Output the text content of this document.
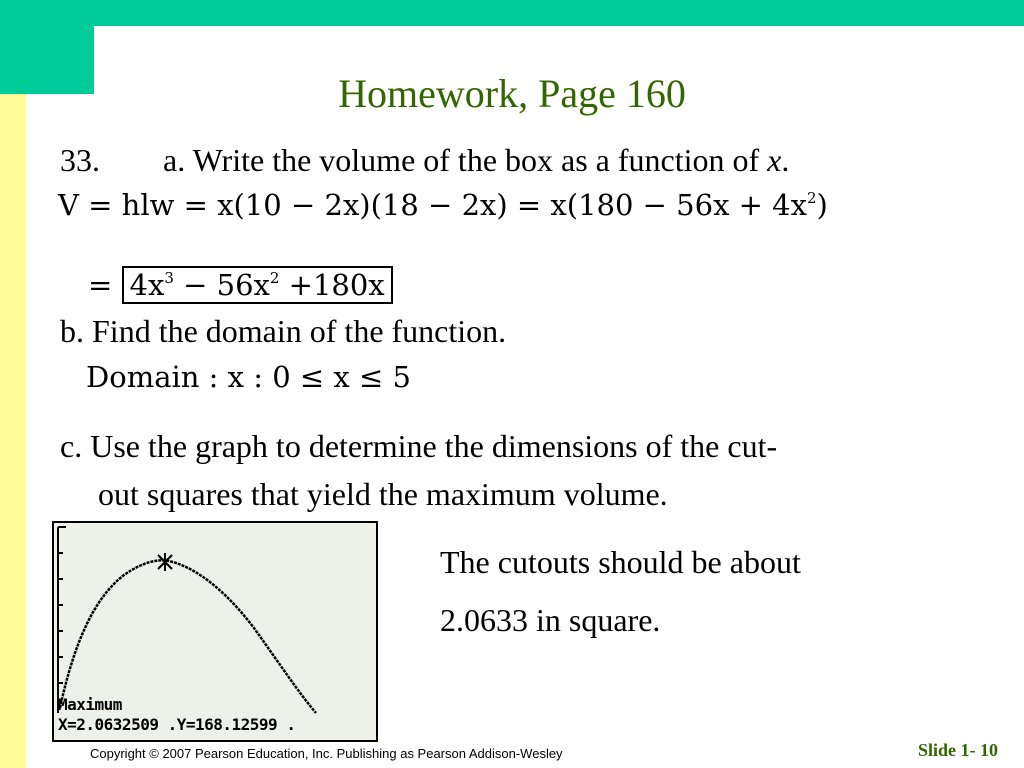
Homework, Page 160
33. a. Write the volume of the box as a function of x.
V = hlw = $x(10 - 2x)(18 - 2x) = x(180 - 56x + 4x^2)$
= $4x^3 - 56x^2 +180x$
b. Find the domain of the function.
Domain : x : 0 ≤ x ≤ 5
c. Use the graph to determine the dimensions of the cut-
out squares that yield the maximum volume.
Maximum
X=2.0632509 .Y=168.12599 .
The cutouts should be about
2.0633 in square.
Copyright © 2007 Pearson Education, Inc. Publishing as Pearson Addison-Wesley	Slide 1- 10
